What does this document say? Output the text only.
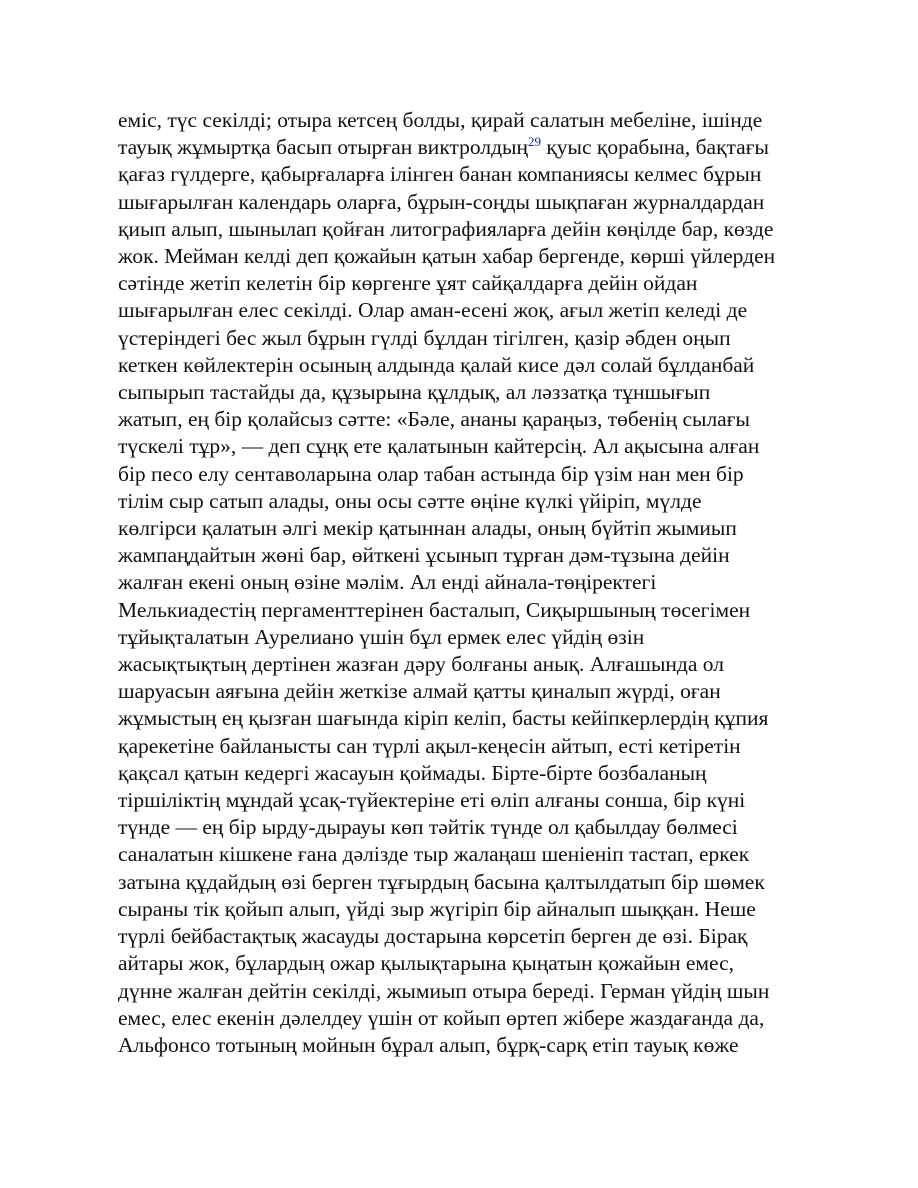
еміс, түс секілді; отыра кетсең болды, қирай салатын мебеліне, ішінде
тауық жұмыртқа басып отырған виктролдың$^{29}$ қуыс қорабына, бақтағы
қағаз гүлдерге, қабырғаларға ілінген банан компаниясы келмес бұрын
шығарылған календарь оларға, бұрын-соңды шықпаған журналдардан
қиып алып, шынылап қойған литографияларға дейін көңілде бар, көзде
жок. Мейман келді деп қожайын қатын хабар бергенде, көрші үйлерден
сәтінде жетіп келетін бір көргенге ұят сайқалдарға дейін ойдан
шығарылған елес секілді. Олар аман-есені жоқ, ағыл жетіп келеді де
үстеріндегі бес жыл бұрын гүлді бұлдан тігілген, қазір әбден оңып
кеткен көйлектерін осының алдында қалай кисе дәл солай бұлданбай
сыпырып тастайды да, құзырына құлдық, ал ләззатқа тұншығып
жатып, ең бір қолайсыз сәтте: «Бәле, ананы қараңыз, төбенің сылағы
түскелі тұр», — деп сұңқ ете қалатынын кайтерсің. Ал ақысына алған
бір песо елу сентаволарына олар табан астында бір үзім нан мен бір
тілім сыр сатып алады, оны осы сәтте өңіне күлкі үйіріп, мүлде
көлгірси қалатын әлгі мекір қатыннан алады, оның бүйтіп жымиып
жампаңдайтын жөні бар, өйткені ұсынып тұрған дәм-тұзына дейін
жалған екені оның өзіне мәлім. Ал енді айнала-төңіректегі
Мелькиадестің пергаменттерінен басталып, Сиқыршының төсегімен
тұйықталатын Аурелиано үшін бұл ермек елес үйдің өзін
жасықтықтың дертінен жазған дәру болғаны анық. Алғашында ол
шаруасын аяғына дейін жеткізе алмай қатты қиналып жүрді, оған
жұмыстың ең қызған шағында кіріп келіп, басты кейіпкерлердің құпия
қарекетіне байланысты сан түрлі ақыл-кеңесін айтып, есті кетіретін
қақсал қатын кедергі жасауын қоймады. Бірте-бірте бозбаланың
тіршіліктің мұндай ұсақ-түйектеріне еті өліп алғаны сонша, бір күні
түнде — ең бір ырду-дырауы көп тәйтік түнде ол қабылдау бөлмесі
саналатын кішкене ғана дәлізде тыр жалаңаш шеніеніп тастап, еркек
затына құдайдың өзі берген тұғырдың басына қалтылдатып бір шөмек
сыраны тік қойып алып, үйді зыр жүгіріп бір айналып шыққан. Неше
түрлі бейбастақтық жасауды достарына көрсетіп берген де өзі. Бірақ
айтары жок, бұлардың ожар қылықтарына қыңатын қожайын емес,
дүнне жалған дейтін секілді, жымиып отыра береді. Герман үйдің шын
емес, елес екенін дәлелдеу үшін от койып өртеп жібере жаздағанда да,
Альфонсо тотының мойнын бұрал алып, бұрқ-сарқ етіп тауық көже
